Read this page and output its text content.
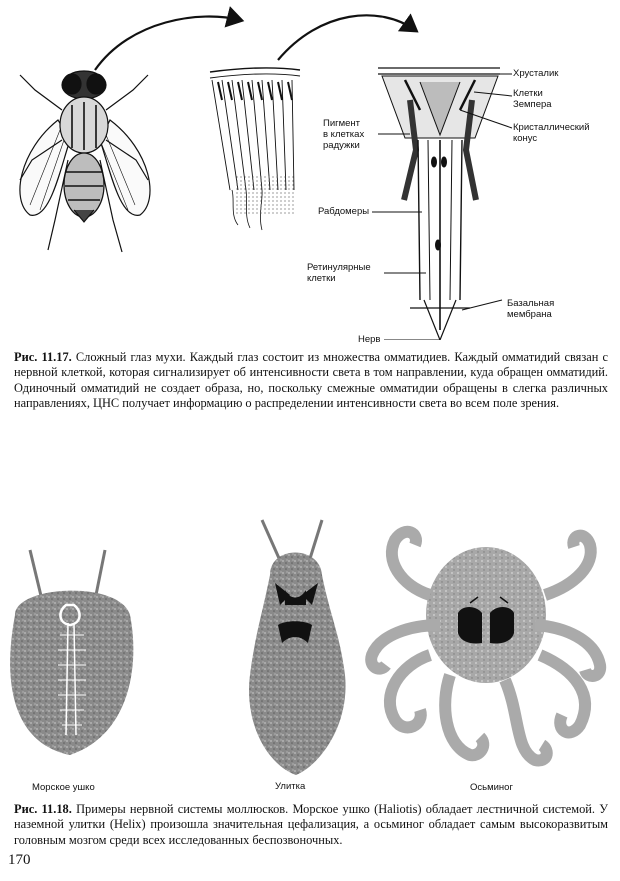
Хрусталик
Клетки
Земпера
Кристаллический
конус
Пигмент
в клетках
радужки
Рабдомеры
Ретинулярные
клетки
Базальная
мембрана
Нерв
Рис. 11.17. Сложный глаз мухи. Каждый глаз состоит из множества омматидиев. Каждый омматидий связан с нервной клеткой, которая сигнализирует об интенсивности света в том направлении, куда обращен омматидий. Одиночный омматидий не создает образа, но, поскольку смежные омматидии обращены в слегка различных направлениях, ЦНС получает информацию о распределении интенсивности света во всем поле зрения.
Морское ушко	Улитка	Осьминог
Рис. 11.18. Примеры нервной системы моллюсков. Морское ушко (Haliotis) обладает лестничной системой. У наземной улитки (Helix) произошла значительная цефализация, а осьминог обладает самым высокоразвитым головным мозгом среди всех исследованных беспозвоночных.
170
